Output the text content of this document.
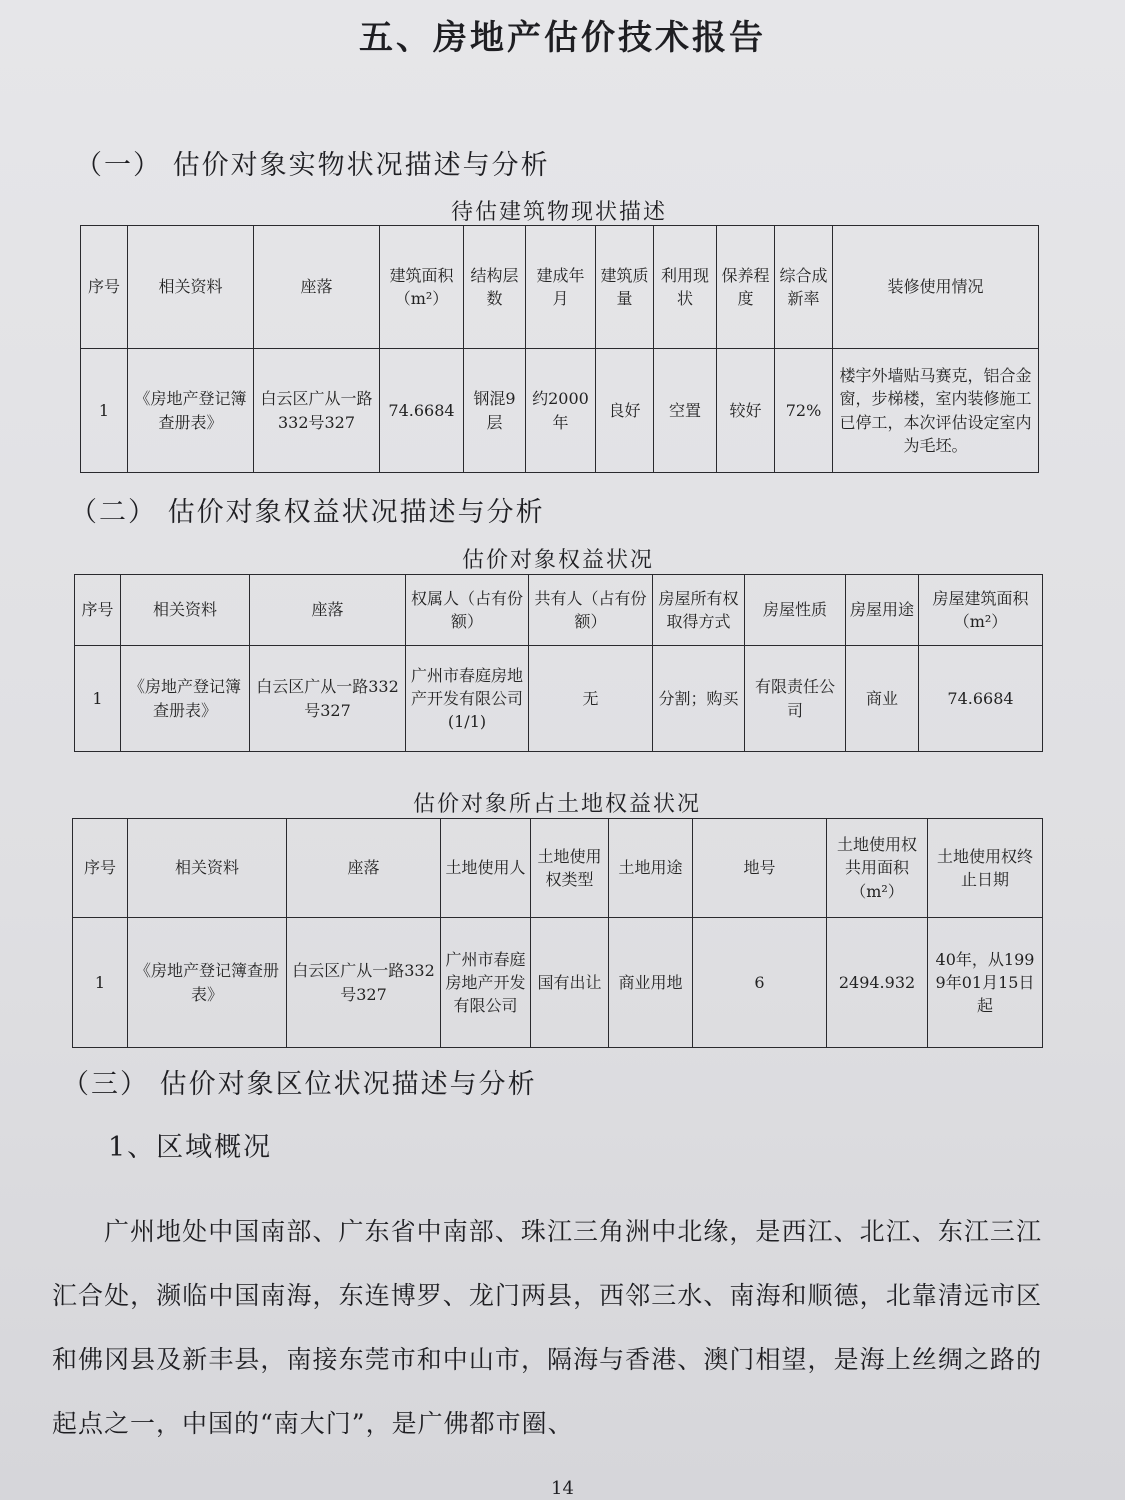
五、房地产估价技术报告
（一） 估价对象实物状况描述与分析
待估建筑物现状描述
序号	相关资料	座落	建筑面积（m²）	结构层数	建成年月	建筑质量	利用现状	保养程度	综合成新率	装修使用情况
1	《房地产登记簿查册表》	白云区广从一路332号327	74.6684	钢混9层	约2000年	良好	空置	较好	72%	楼宇外墙贴马赛克，铝合金窗，步梯楼，室内装修施工已停工，本次评估设定室内为毛坯。
（二） 估价对象权益状况描述与分析
估价对象权益状况
序号	相关资料	座落	权属人（占有份额）	共有人（占有份额）	房屋所有权取得方式	房屋性质	房屋用途	房屋建筑面积（m²）
1	《房地产登记簿查册表》	白云区广从一路332号327	广州市春庭房地产开发有限公司(1/1)	无	分割；购买	有限责任公司	商业	74.6684
估价对象所占土地权益状况
序号	相关资料	座落	土地使用人	土地使用权类型	土地用途	地号	土地使用权共用面积（m²）	土地使用权终止日期
1	《房地产登记簿查册表》	白云区广从一路332号327	广州市春庭房地产开发有限公司	国有出让	商业用地	6	2494.932	40年，从1999年01月15日起
（三） 估价对象区位状况描述与分析
1、区域概况
广州地处中国南部、广东省中南部、珠江三角洲中北缘，是西江、北江、东江三江汇合处，濒临中国南海，东连博罗、龙门两县，西邻三水、南海和顺德，北靠清远市区和佛冈县及新丰县，南接东莞市和中山市，隔海与香港、澳门相望，是海上丝绸之路的起点之一，中国的“南大门”，是广佛都市圈、
14
